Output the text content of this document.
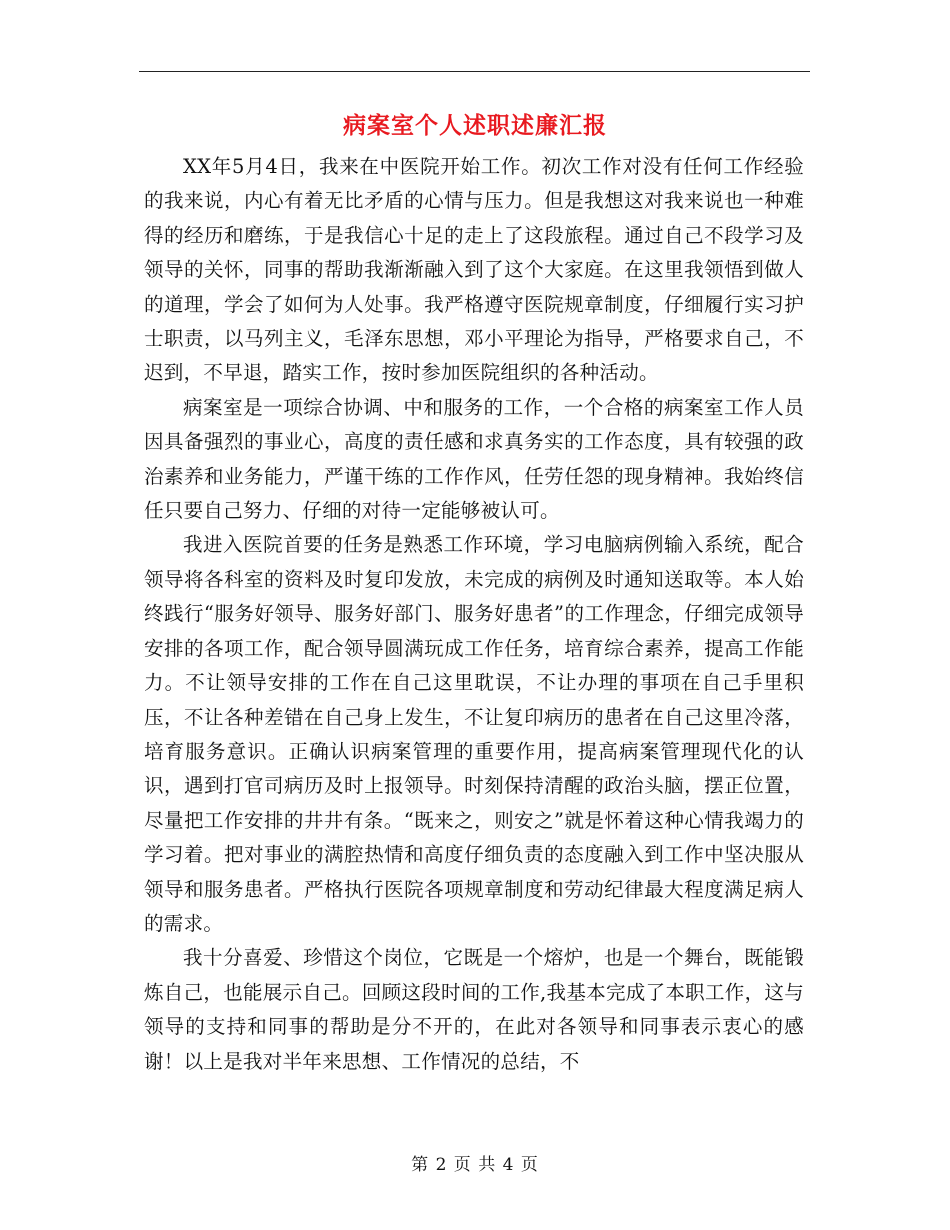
病案室个人述职述廉汇报

XX年5月4日，我来在中医院开始工作。初次工作对没有任何工作经验的我来说，内心有着无比矛盾的心情与压力。但是我想这对我来说也一种难得的经历和磨练，于是我信心十足的走上了这段旅程。通过自己不段学习及领导的关怀，同事的帮助我渐渐融入到了这个大家庭。在这里我领悟到做人的道理，学会了如何为人处事。我严格遵守医院规章制度，仔细履行实习护士职责，以马列主义，毛泽东思想，邓小平理论为指导，严格要求自己，不迟到，不早退，踏实工作，按时参加医院组织的各种活动。

病案室是一项综合协调、中和服务的工作，一个合格的病案室工作人员因具备强烈的事业心，高度的责任感和求真务实的工作态度，具有较强的政治素养和业务能力，严谨干练的工作作风，任劳任怨的现身精神。我始终信任只要自己努力、仔细的对待一定能够被认可。

我进入医院首要的任务是熟悉工作环境，学习电脑病例输入系统，配合领导将各科室的资料及时复印发放，未完成的病例及时通知送取等。本人始终践行“服务好领导、服务好部门、服务好患者”的工作理念，仔细完成领导安排的各项工作，配合领导圆满玩成工作任务，培育综合素养，提高工作能力。不让领导安排的工作在自己这里耽误，不让办理的事项在自己手里积压，不让各种差错在自己身上发生，不让复印病历的患者在自己这里冷落，培育服务意识。正确认识病案管理的重要作用，提高病案管理现代化的认识，遇到打官司病历及时上报领导。时刻保持清醒的政治头脑，摆正位置，尽量把工作安排的井井有条。“既来之，则安之”就是怀着这种心情我竭力的学习着。把对事业的满腔热情和高度仔细负责的态度融入到工作中坚决服从领导和服务患者。严格执行医院各项规章制度和劳动纪律最大程度满足病人的需求。

我十分喜爱、珍惜这个岗位，它既是一个熔炉，也是一个舞台，既能锻炼自己，也能展示自己。回顾这段时间的工作,我基本完成了本职工作，这与领导的支持和同事的帮助是分不开的，在此对各领导和同事表示衷心的感谢！以上是我对半年来思想、工作情况的总结，不

第 2 页 共 4 页
